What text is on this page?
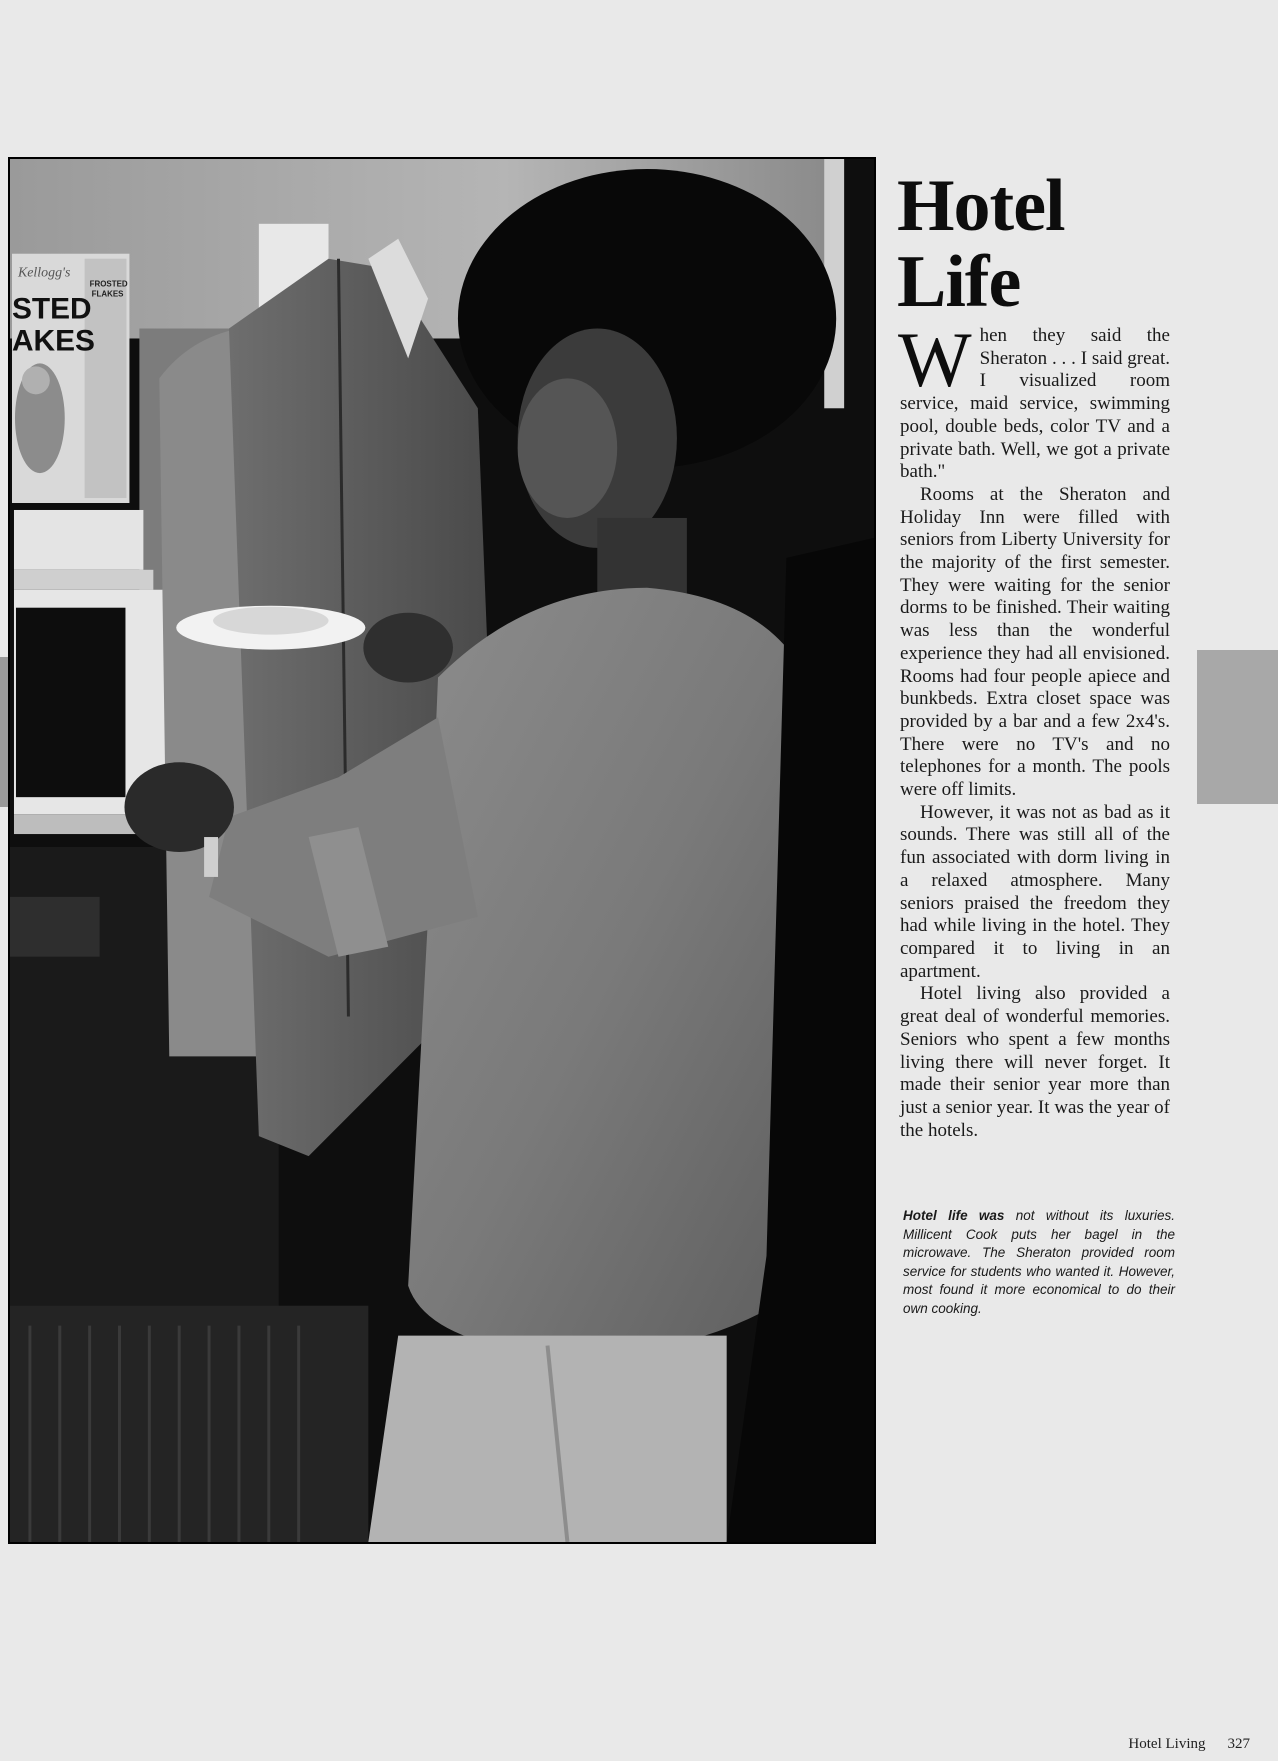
Kellogg's
STED
AKES
FROSTED
FLAKES
Hotel
Life

When they said the Sheraton . . . I said great. I visualized room service, maid service, swimming pool, double beds, color TV and a private bath. Well, we got a private bath."

Rooms at the Sheraton and Holiday Inn were filled with seniors from Liberty University for the majority of the first semester. They were waiting for the senior dorms to be finished. Their waiting was less than the wonderful experience they had all envisioned. Rooms had four people apiece and bunkbeds. Extra closet space was provided by a bar and a few 2x4's. There were no TV's and no telephones for a month. The pools were off limits.

However, it was not as bad as it sounds. There was still all of the fun associated with dorm living in a relaxed atmosphere. Many seniors praised the freedom they had while living in the hotel. They compared it to living in an apartment.

Hotel living also provided a great deal of wonderful memories. Seniors who spent a few months living there will never forget. It made their senior year more than just a senior year. It was the year of the hotels.

Hotel life was not without its luxuries. Millicent Cook puts her bagel in the microwave. The Sheraton provided room service for students who wanted it. However, most found it more economical to do their own cooking.
Hotel Living 327
